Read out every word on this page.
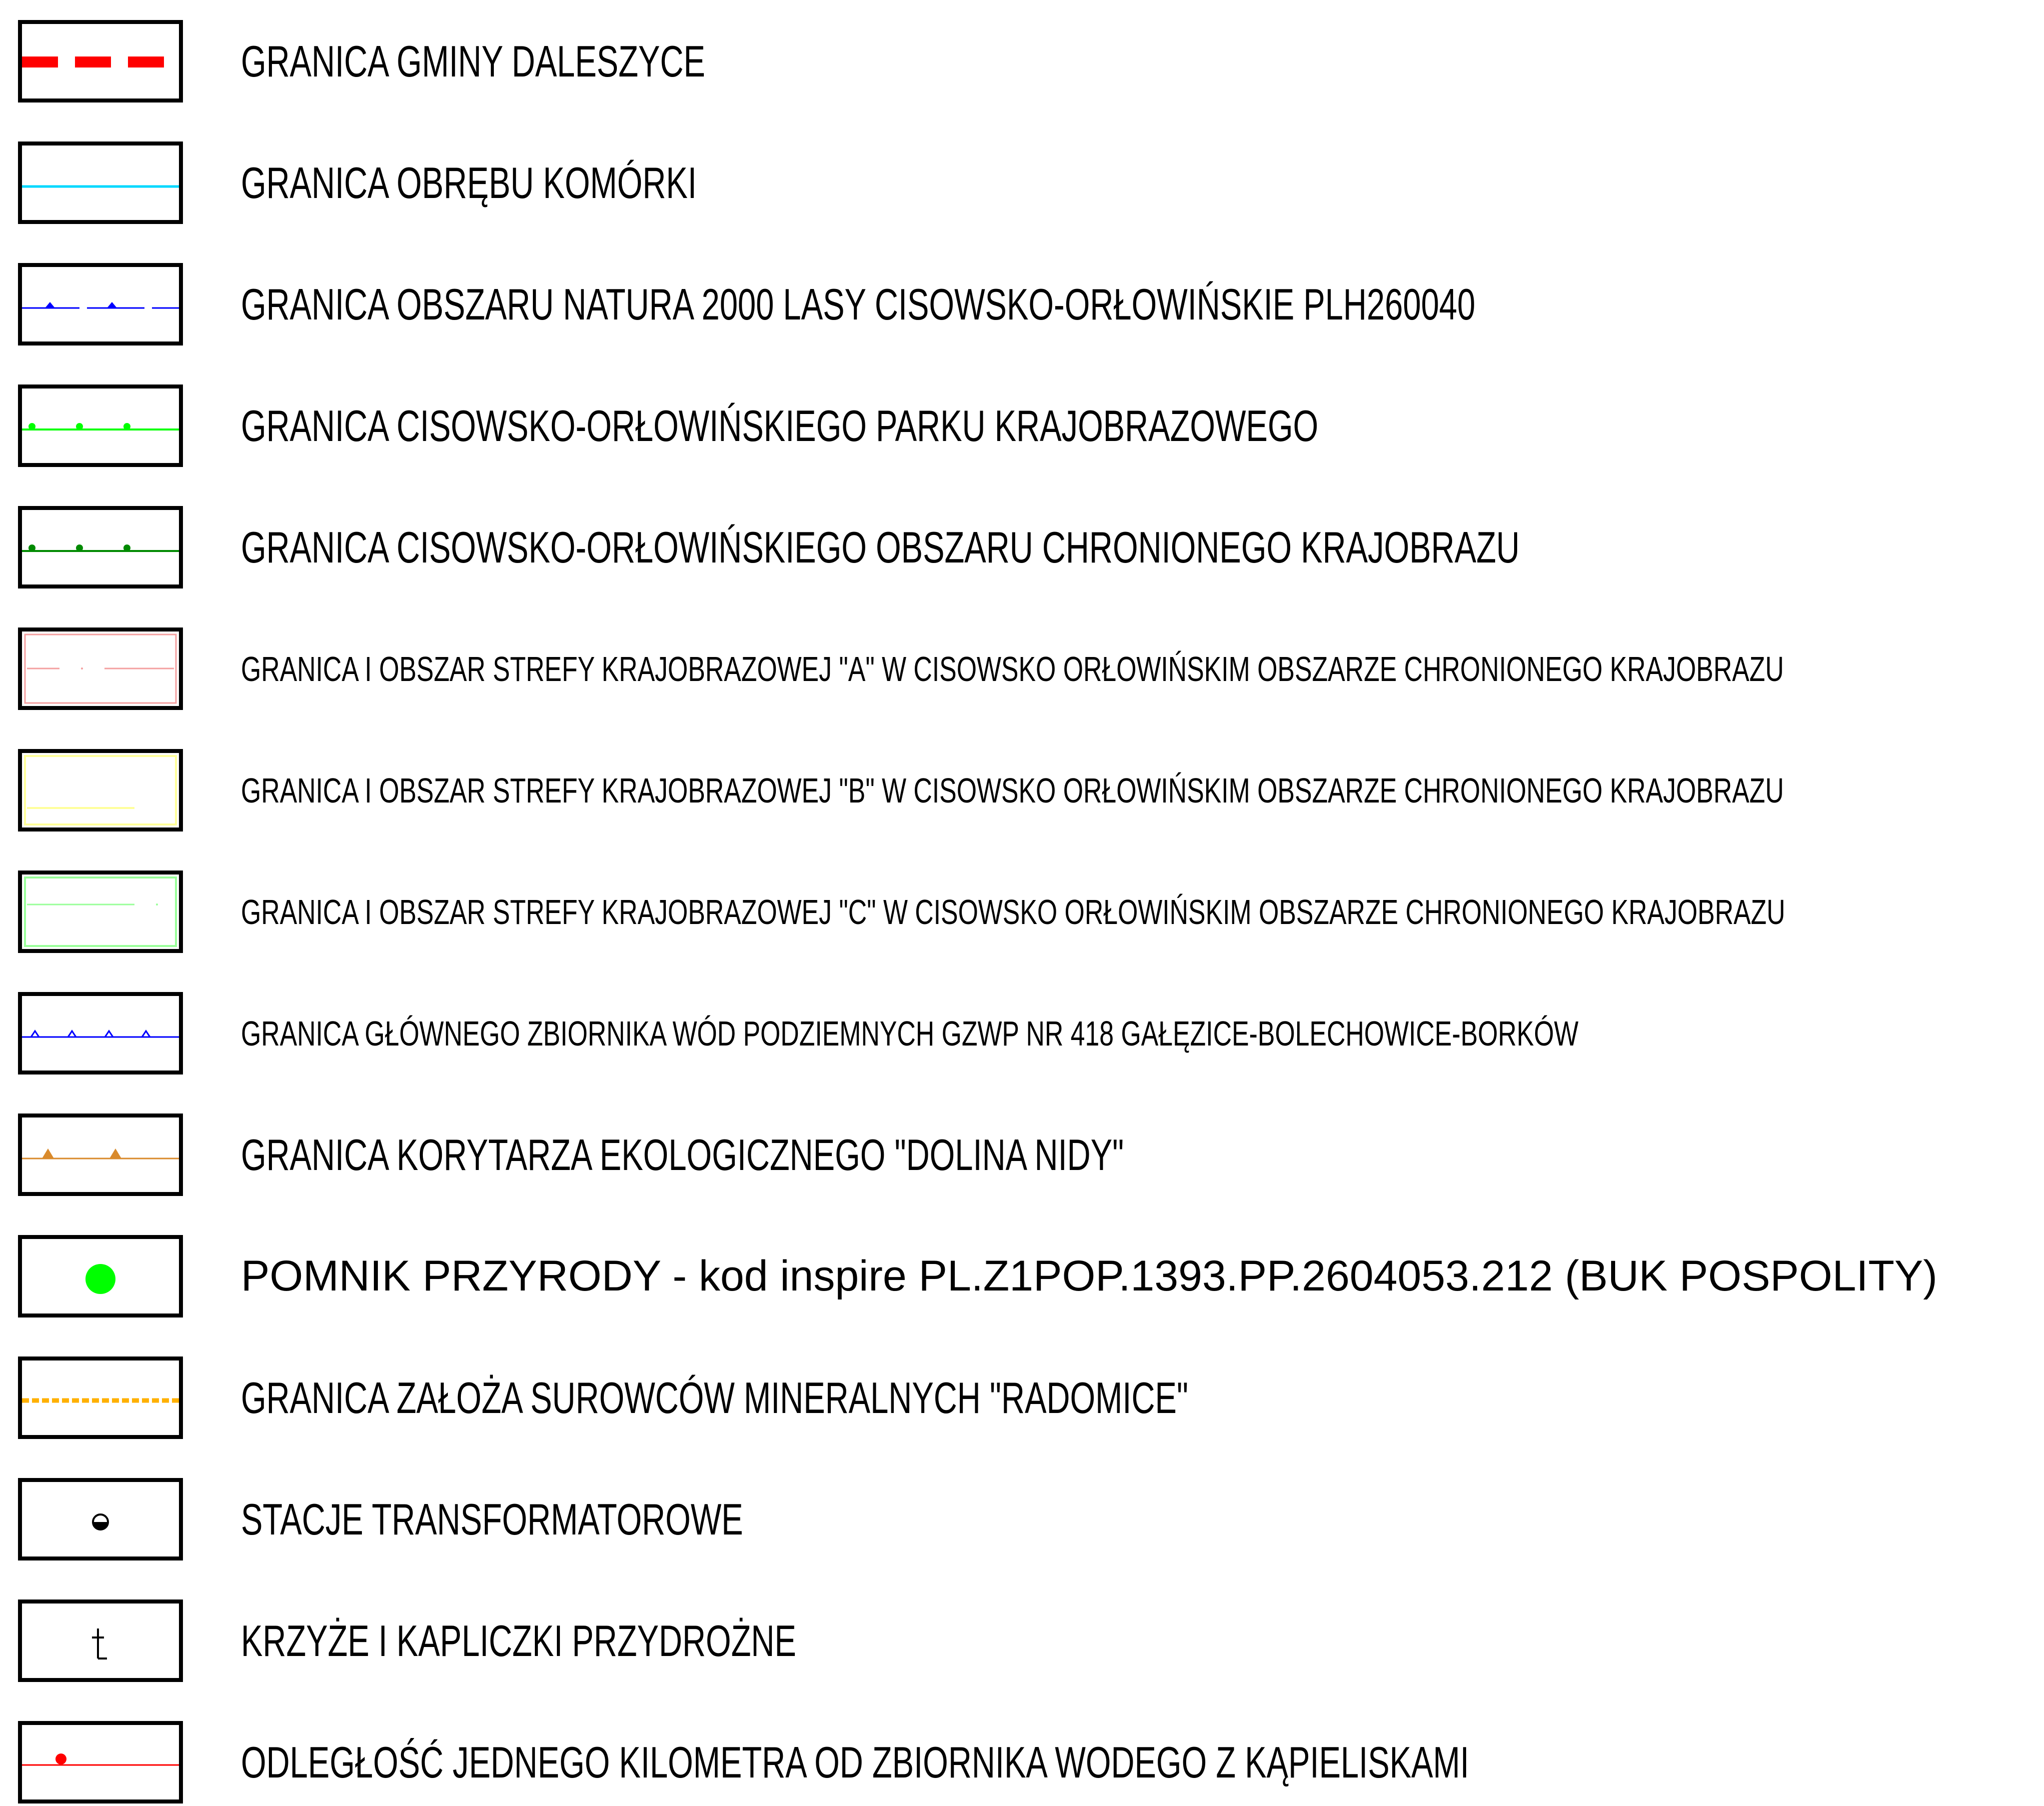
GRANICA GMINY DALESZYCE
GRANICA OBRĘBU KOMÓRKI
GRANICA OBSZARU NATURA 2000 LASY CISOWSKO-ORŁOWIŃSKIE PLH260040
GRANICA CISOWSKO-ORŁOWIŃSKIEGO PARKU KRAJOBRAZOWEGO
GRANICA CISOWSKO-ORŁOWIŃSKIEGO OBSZARU CHRONIONEGO KRAJOBRAZU
GRANICA I OBSZAR STREFY KRAJOBRAZOWEJ "A" W CISOWSKO ORŁOWIŃSKIM OBSZARZE CHRONIONEGO KRAJOBRAZU
GRANICA I OBSZAR STREFY KRAJOBRAZOWEJ "B" W CISOWSKO ORŁOWIŃSKIM OBSZARZE CHRONIONEGO KRAJOBRAZU
GRANICA I OBSZAR STREFY KRAJOBRAZOWEJ "C" W CISOWSKO ORŁOWIŃSKIM OBSZARZE CHRONIONEGO KRAJOBRAZU
GRANICA GŁÓWNEGO ZBIORNIKA WÓD PODZIEMNYCH GZWP NR 418 GAŁĘZICE-BOLECHOWICE-BORKÓW
GRANICA KORYTARZA EKOLOGICZNEGO "DOLINA NIDY"
POMNIK PRZYRODY - kod inspire PL.Z1POP.1393.PP.2604053.212 (BUK POSPOLITY)
GRANICA ZAŁOŻA SUROWCÓW MINERALNYCH "RADOMICE"
STACJE TRANSFORMATOROWE
KRZYŻE I KAPLICZKI PRZYDROŻNE
ODLEGŁOŚĆ JEDNEGO KILOMETRA OD ZBIORNIKA WODEGO Z KĄPIELISKAMI
